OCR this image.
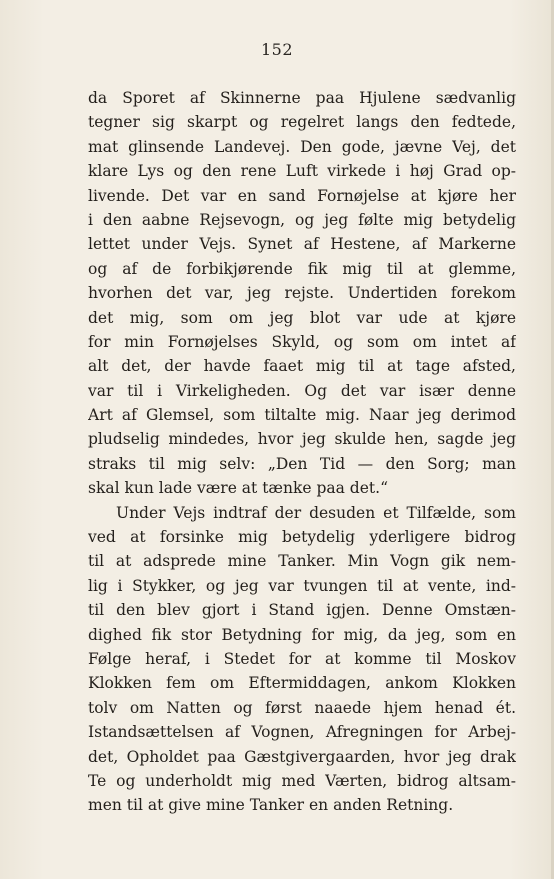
152
da Sporet af Skinnerne paa Hjulene sædvanlig
tegner sig skarpt og regelret langs den fedtede,
mat glinsende Landevej. Den gode, jævne Vej, det
klare Lys og den rene Luft virkede i høj Grad op-
livende. Det var en sand Fornøjelse at kjøre her
i den aabne Rejsevogn, og jeg følte mig betydelig
lettet under Vejs. Synet af Hestene, af Markerne
og af de forbikjørende fik mig til at glemme,
hvorhen det var, jeg rejste. Undertiden forekom
det mig, som om jeg blot var ude at kjøre
for min Fornøjelses Skyld, og som om intet af
alt det, der havde faaet mig til at tage afsted,
var til i Virkeligheden. Og det var især denne
Art af Glemsel, som tiltalte mig. Naar jeg derimod
pludselig mindedes, hvor jeg skulde hen, sagde jeg
straks til mig selv: „Den Tid — den Sorg; man
skal kun lade være at tænke paa det.“
Under Vejs indtraf der desuden et Tilfælde, som
ved at forsinke mig betydelig yderligere bidrog
til at adsprede mine Tanker. Min Vogn gik nem-
lig i Stykker, og jeg var tvungen til at vente, ind-
til den blev gjort i Stand igjen. Denne Omstæn-
dighed fik stor Betydning for mig, da jeg, som en
Følge heraf, i Stedet for at komme til Moskov
Klokken fem om Eftermiddagen, ankom Klokken
tolv om Natten og først naaede hjem henad ét.
Istandsættelsen af Vognen, Afregningen for Arbej-
det, Opholdet paa Gæstgivergaarden, hvor jeg drak
Te og underholdt mig med Værten, bidrog altsam-
men til at give mine Tanker en anden Retning.
